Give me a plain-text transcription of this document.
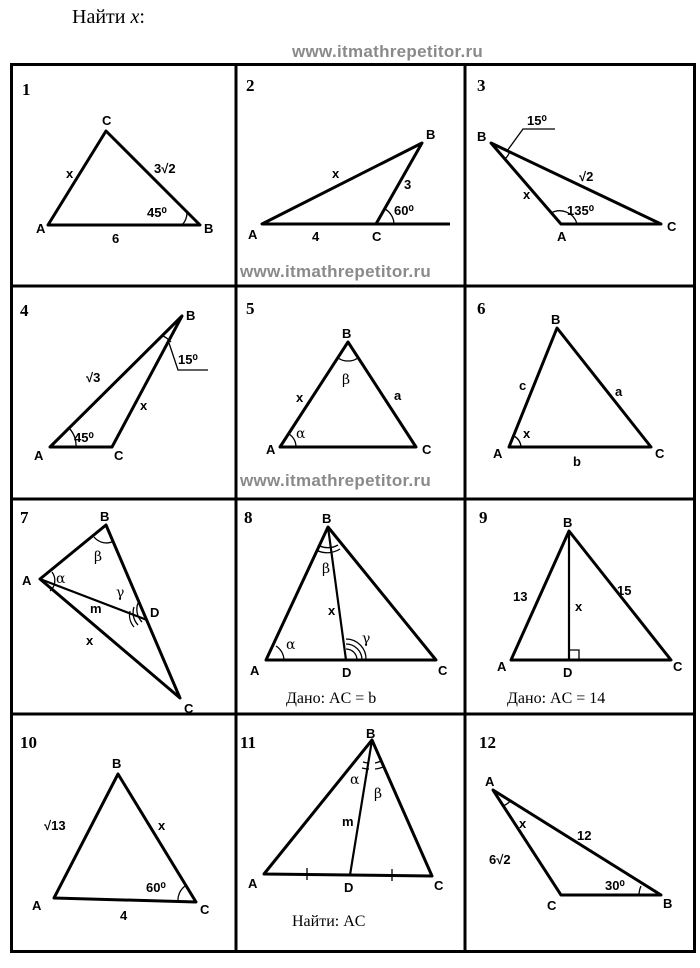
Найти x:
www.itmathrepetitor.ru
www.itmathrepetitor.ru
www.itmathrepetitor.ru
1
A
C
B
x	3√2
6
45⁰
2
A
B
C
x
4
3
60⁰
3
B
A
C
x
√2
135⁰
15⁰
4
A
B
C
√3
x
45⁰
15⁰
5
A
B
C
x	a
α
β
6
A
B
C
c	a
b
x
7
A
B
C
D
α
β
γ
m
x
8
A
B
C
D
α
β
γ
x
Дано: AC = b
9
A
B
C
D
13	15
x
Дано: AC = 14
10
A
B
C
√13	x
4
60⁰
11
A
B
C
D
α
β
m
Найти: AC
12
A
C	B
6√2
12
x
30⁰
